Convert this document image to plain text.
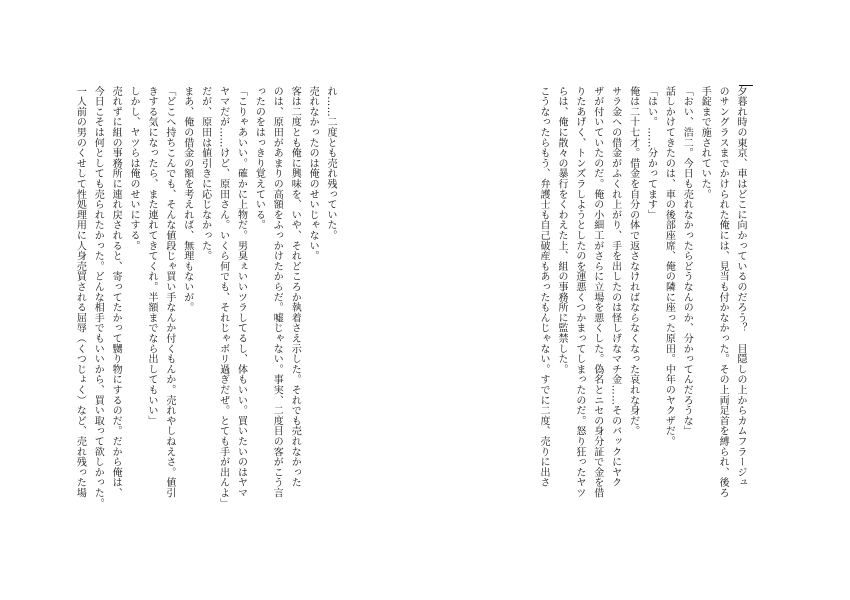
れ……二度とも売れ残っていた。
売れなかったのは俺のせいじゃない。
客は二度とも俺に興味を、いや、それどころか執着さえ示した。それでも売れなかった
のは、原田があまりの高額をふっかけたからだ。嘘じゃない。事実、二度目の客がこう言
ったのをはっきり覚えている。
「こりゃあいい。確かに上物だ。男臭ぇいいツラしてるし、体もいい。買いたいのはヤマ
ヤマだが……けど、原田さん。いくら何でも、それじゃボリ過ぎだぜ。とても手が出んよ」
だが、原田は値引きに応じなかった。
まあ、俺の借金の額を考えれば、無理もないが。
「どこへ持ちこんでも、そんな値段じゃ買い手なんか付くもんか。売れやしねえさ。値引
きする気になったら、また連れてきてくれ。半額までなら出してもいい」
しかし、ヤツらは俺のせいにする。
売れずに組の事務所に連れ戻されると、寄ってたかって嬲り物にするのだ。だから俺は、
今日こそは何としても売られたかった。どんな相手でもいいから、買い取って欲しかった。
一人前の男のくせして性処理用に人身売買される屈辱（くつじょく）など、売れ残った場	夕暮れ時の東京、車はどこに向かっているのだろう？　目隠しの上からカムフラージュ
のサングラスまでかけられた俺には、見当も付かなかった。その上両足首を縛られ、後ろ
手錠まで施されていた。
「おい、浩二。今日も売れなかったらどうなんのか、分かってんだろうな」
話しかけてきたのは、車の後部座席、俺の隣に座った原田。中年のヤクザだ。
「はい。……分かってます」
俺は二十七才。借金を自分の体で返さなければならなくなった哀れな身だ。
サラ金への借金がふくれ上がり、手を出したのは怪しげなマチ金……そのバックにヤク
ザが付いていたのだ。俺の小細工がさらに立場を悪くした。偽名とニセの身分証で金を借
りたあげく、トンズラしようとしたのを運悪くつかまってしまったのだ。怒り狂ったヤツ
らは、俺に散々の暴行をくわえた上、組の事務所に監禁した。
こうなったらもう、弁護士も自己破産もあったもんじゃない。すでに二度、売りに出さ
